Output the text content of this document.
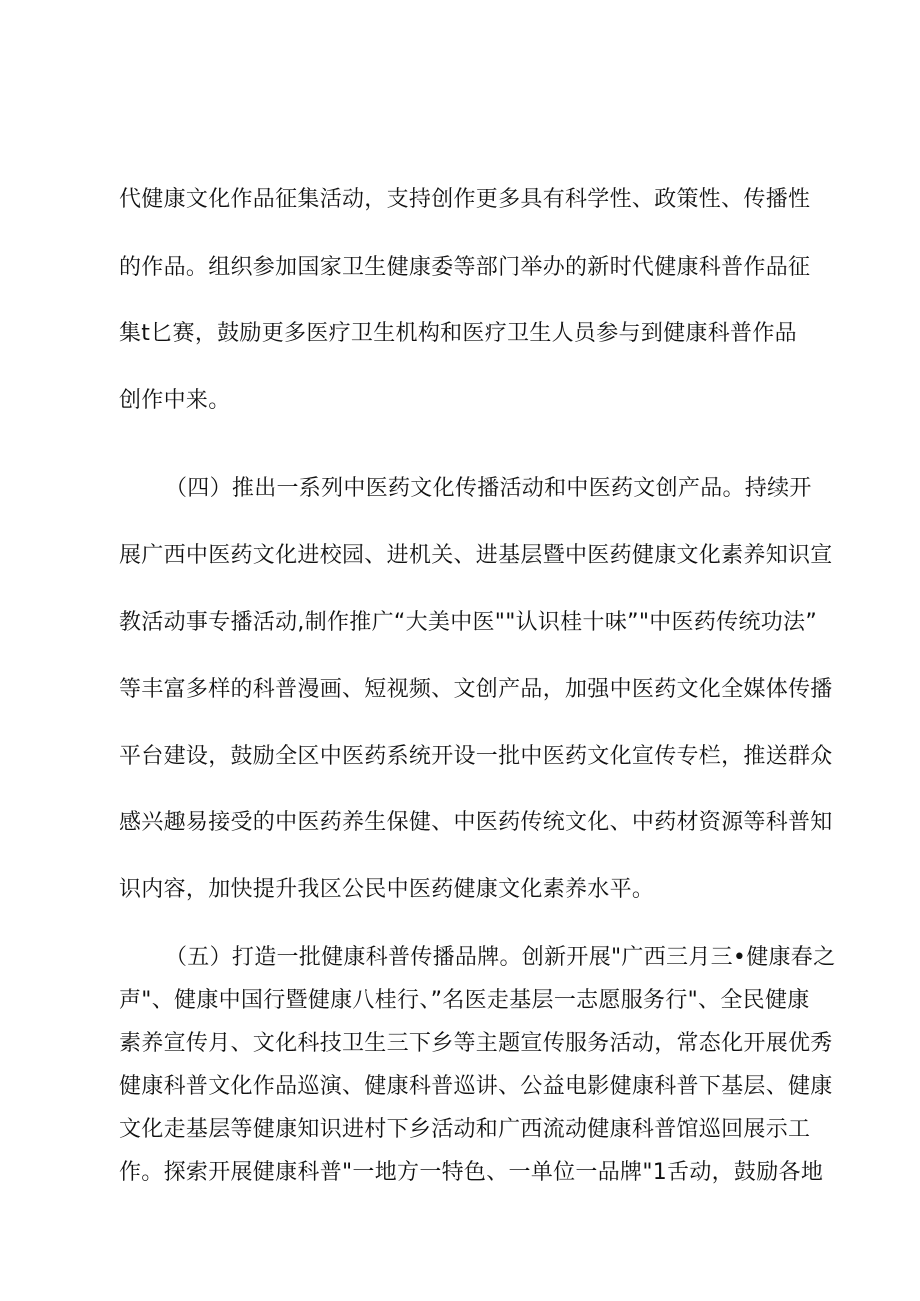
代健康文化作品征集活动，支持创作更多具有科学性、政策性、传播性

的作品。组织参加国家卫生健康委等部门举办的新时代健康科普作品征

集t匕赛，鼓励更多医疗卫生机构和医疗卫生人员参与到健康科普作品

创作中来。

（四）推出一系列中医药文化传播活动和中医药文创产品。持续开

展广西中医药文化进校园、进机关、进基层暨中医药健康文化素养知识宣

教活动事专播活动,制作推广“大美中医""认识桂十味”"中医药传统功法”

等丰富多样的科普漫画、短视频、文创产品，加强中医药文化全媒体传播

平台建设，鼓励全区中医药系统开设一批中医药文化宣传专栏，推送群众

感兴趣易接受的中医药养生保健、中医药传统文化、中药材资源等科普知

识内容，加快提升我区公民中医药健康文化素养水平。

（五）打造一批健康科普传播品牌。创新开展"广西三月三•健康春之

声"、健康中国行暨健康八桂行、”名医走基层一志愿服务行"、全民健康

素养宣传月、文化科技卫生三下乡等主题宣传服务活动，常态化开展优秀

健康科普文化作品巡演、健康科普巡讲、公益电影健康科普下基层、健康

文化走基层等健康知识进村下乡活动和广西流动健康科普馆巡回展示工

作。探索开展健康科普"一地方一特色、一单位一品牌"1舌动，鼓励各地
